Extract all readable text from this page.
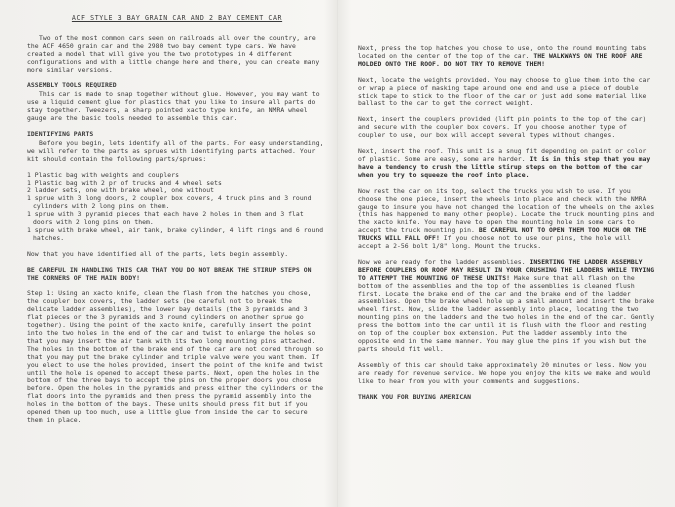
ACF STYLE 3 BAY GRAIN CAR AND 2 BAY CEMENT CAR

Two of the most common cars seen on railroads all over the country, are the ACF 4650 grain car and the 2980 two bay cement type cars. We have created a model that will give you the two prototypes in 4 different configurations and with a little change here and there, you can create many more similar versions.

ASSEMBLY TOOLS REQUIRED

This car is made to snap together without glue. However, you may want to use a liquid cement glue for plastics that you like to insure all parts do stay together. Tweezers, a sharp pointed xacto type knife, an NMRA wheel gauge are the basic tools needed to assemble this car.

IDENTIFYING PARTS

Before you begin, lets identify all of the parts. For easy understanding, we will refer to the parts as sprues with identifying parts attached. Your kit should contain the following parts/sprues:

1 Plastic bag with weights and couplers
1 Plastic bag with 2 pr of trucks and 4 wheel sets
2 ladder sets, one with brake wheel, one without
1 sprue with 3 long doors, 2 coupler box covers, 4 truck pins and 3 round cylinders with 2 long pins on them.
1 sprue with 3 pyramid pieces that each have 2 holes in them and 3 flat doors with 2 long pins on them.
1 sprue with brake wheel, air tank, brake cylinder, 4 lift rings and 6 round hatches.

Now that you have identified all of the parts, lets begin assembly.

BE CAREFUL IN HANDLING THIS CAR THAT YOU DO NOT BREAK THE STIRUP STEPS ON THE CORNERS OF THE MAIN BODY!

Step 1: Using an xacto knife, clean the flash from the hatches you chose, the coupler box covers, the ladder sets (be careful not to break the delicate ladder assemblies), the lower bay details (the 3 pyramids and 3 flat pieces or the 3 pyramids and 3 round cylinders on another sprue go together). Using the point of the xacto knife, carefully insert the point into the two holes in the end of the car and twist to enlarge the holes so that you may insert the air tank with its two long mounting pins attached. The holes in the bottom of the brake end of the car are not cored through so that you may put the brake cylinder and triple valve were you want them. If you elect to use the holes provided, insert the point of the knife and twist until the hole is opened to accept these parts. Next, open the holes in the bottom of the three bays to accept the pins on the proper doors you chose before. Open the holes in the pyramids and press either the cylinders or the flat doors into the pyramids and then press the pyramid assembly into the holes in the bottom of the bays. These units should press fit but if you opened them up too much, use a little glue from inside the car to secure them in place.

Next, press the top hatches you chose to use, onto the round mounting tabs located on the center of the top of the car. THE WALKWAYS ON THE ROOF ARE MOLDED ONTO THE ROOF. DO NOT TRY TO REMOVE THEM!

Next, locate the weights provided. You may choose to glue them into the car or wrap a piece of masking tape around one end and use a piece of double stick tape to stick to the floor of the car or just add some material like ballast to the car to get the correct weight.

Next, insert the couplers provided (lift pin points to the top of the car) and secure with the coupler box covers. If you choose another type of coupler to use, our box will accept several types without changes.

Next, insert the roof. This unit is a snug fit depending on paint or color of plastic. Some are easy, some are harder. It is in this step that you may have a tendency to crush the little stirup steps on the bottom of the car when you try to squeeze the roof into place.

Now rest the car on its top, select the trucks you wish to use. If you choose the one piece, insert the wheels into place and check with the NMRA gauge to insure you have not changed the location of the wheels on the axles (this has happened to many other people). Locate the truck mounting pins and the xacto knife. You may have to open the mounting hole in some cars to accept the truck mounting pin. BE CAREFUL NOT TO OPEN THEM TOO MUCH OR THE TRUCKS WILL FALL OFF! If you choose not to use our pins, the hole will accept a 2-56 bolt 1/8" long. Mount the trucks.

Now we are ready for the ladder assemblies. INSERTING THE LADDER ASSEMBLY BEFORE COUPLERS OR ROOF MAY RESULT IN YOUR CRUSHING THE LADDERS WHILE TRYING TO ATTEMPT THE MOUNTING OF THESE UNITS! Make sure that all flash on the bottom of the assemblies and the top of the assemblies is cleaned flush first. Locate the brake end of the car and the brake end of the ladder assemblies. Open the brake wheel hole up a small amount and insert the brake wheel first. Now, slide the ladder assembly into place, locating the two mounting pins on the ladders and the two holes in the end of the car. Gently press the bottom into the car until it is flush with the floor and resting on top of the coupler box extension. Put the ladder assembly into the opposite end in the same manner. You may glue the pins if you wish but the parts should fit well.

Assembly of this car should take approximately 20 minutes or less. Now you are ready for revenue service. We hope you enjoy the kits we make and would like to hear from you with your comments and suggestions.

THANK YOU FOR BUYING AMERICAN
